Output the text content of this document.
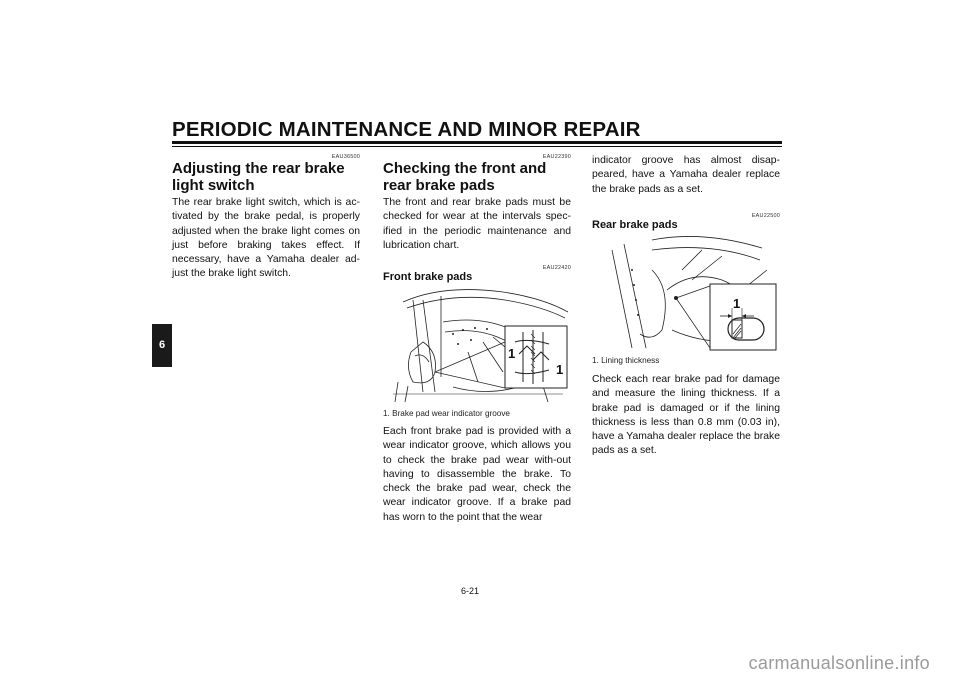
PERIODIC MAINTENANCE AND MINOR REPAIR
6
EAU36500
Adjusting the rear brake light switch

The rear brake light switch, which is ac-tivated by the brake pedal, is properly adjusted when the brake light comes on just before braking takes effect. If necessary, have a Yamaha dealer ad-just the brake light switch.

EAU22390
Checking the front and rear brake pads

The front and rear brake pads must be checked for wear at the intervals spec-ified in the periodic maintenance and lubrication chart.

EAU22420
Front brake pads
1
1
1. Brake pad wear indicator groove

Each front brake pad is provided with a wear indicator groove, which allows you to check the brake pad wear with-out having to disassemble the brake. To check the brake pad wear, check the wear indicator groove. If a brake pad has worn to the point that the wear

indicator groove has almost disap-peared, have a Yamaha dealer replace the brake pads as a set.

EAU22500
Rear brake pads
1
1. Lining thickness

Check each rear brake pad for damage and measure the lining thickness. If a brake pad is damaged or if the lining thickness is less than 0.8 mm (0.03 in), have a Yamaha dealer replace the brake pads as a set.

6-21
carmanualsonline.info
